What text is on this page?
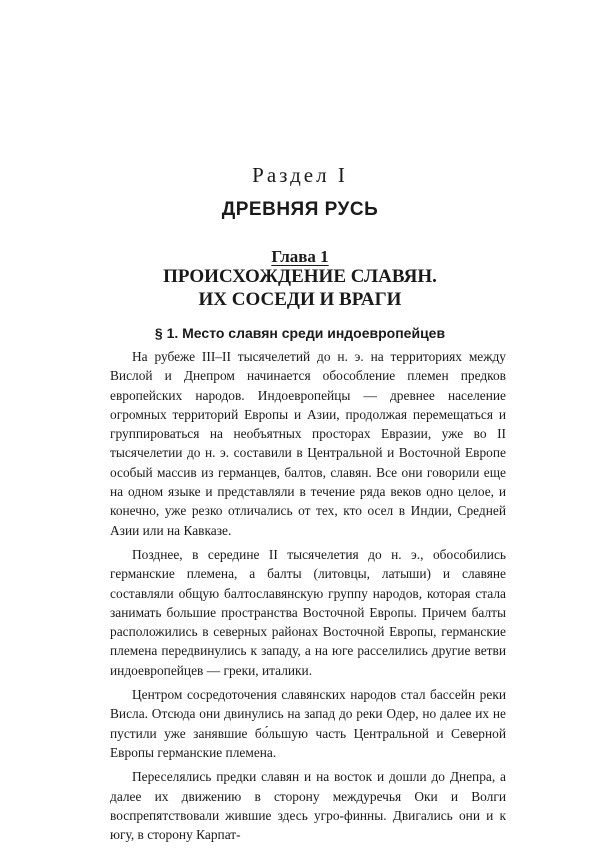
Раздел I
ДРЕВНЯЯ РУСЬ
Глава 1
ПРОИСХОЖДЕНИЕ СЛАВЯН.
ИХ СОСЕДИ И ВРАГИ
§ 1. Место славян среди индоевропейцев

На рубеже III–II тысячелетий до н. э. на территориях между Вислой и Днепром начинается обособление племен предков европейских народов. Индоевропейцы — древнее население огромных территорий Европы и Азии, продолжая перемещаться и группироваться на необъятных просторах Евразии, уже во II тысячелетии до н. э. составили в Центральной и Восточной Европе особый массив из германцев, балтов, славян. Все они говорили еще на одном языке и представляли в течение ряда веков одно целое, и конечно, уже резко отличались от тех, кто осел в Индии, Средней Азии или на Кавказе.

Позднее, в середине II тысячелетия до н. э., обособились германские племена, а балты (литовцы, латыши) и славяне составляли общую балтославянскую группу народов, которая стала занимать большие пространства Восточной Европы. Причем балты расположились в северных районах Восточной Европы, германские племена передвинулись к западу, а на юге расселились другие ветви индоевропейцев — греки, италики.

Центром сосредоточения славянских народов стал бассейн реки Висла. Отсюда они двинулись на запад до реки Одер, но далее их не пустили уже занявшие бо́льшую часть Центральной и Северной Европы германские племена.

Переселялись предки славян и на восток и дошли до Днепра, а далее их движению в сторону междуречья Оки и Волги воспрепятствовали жившие здесь угро-финны. Двигались они и к югу, в сторону Карпат-
